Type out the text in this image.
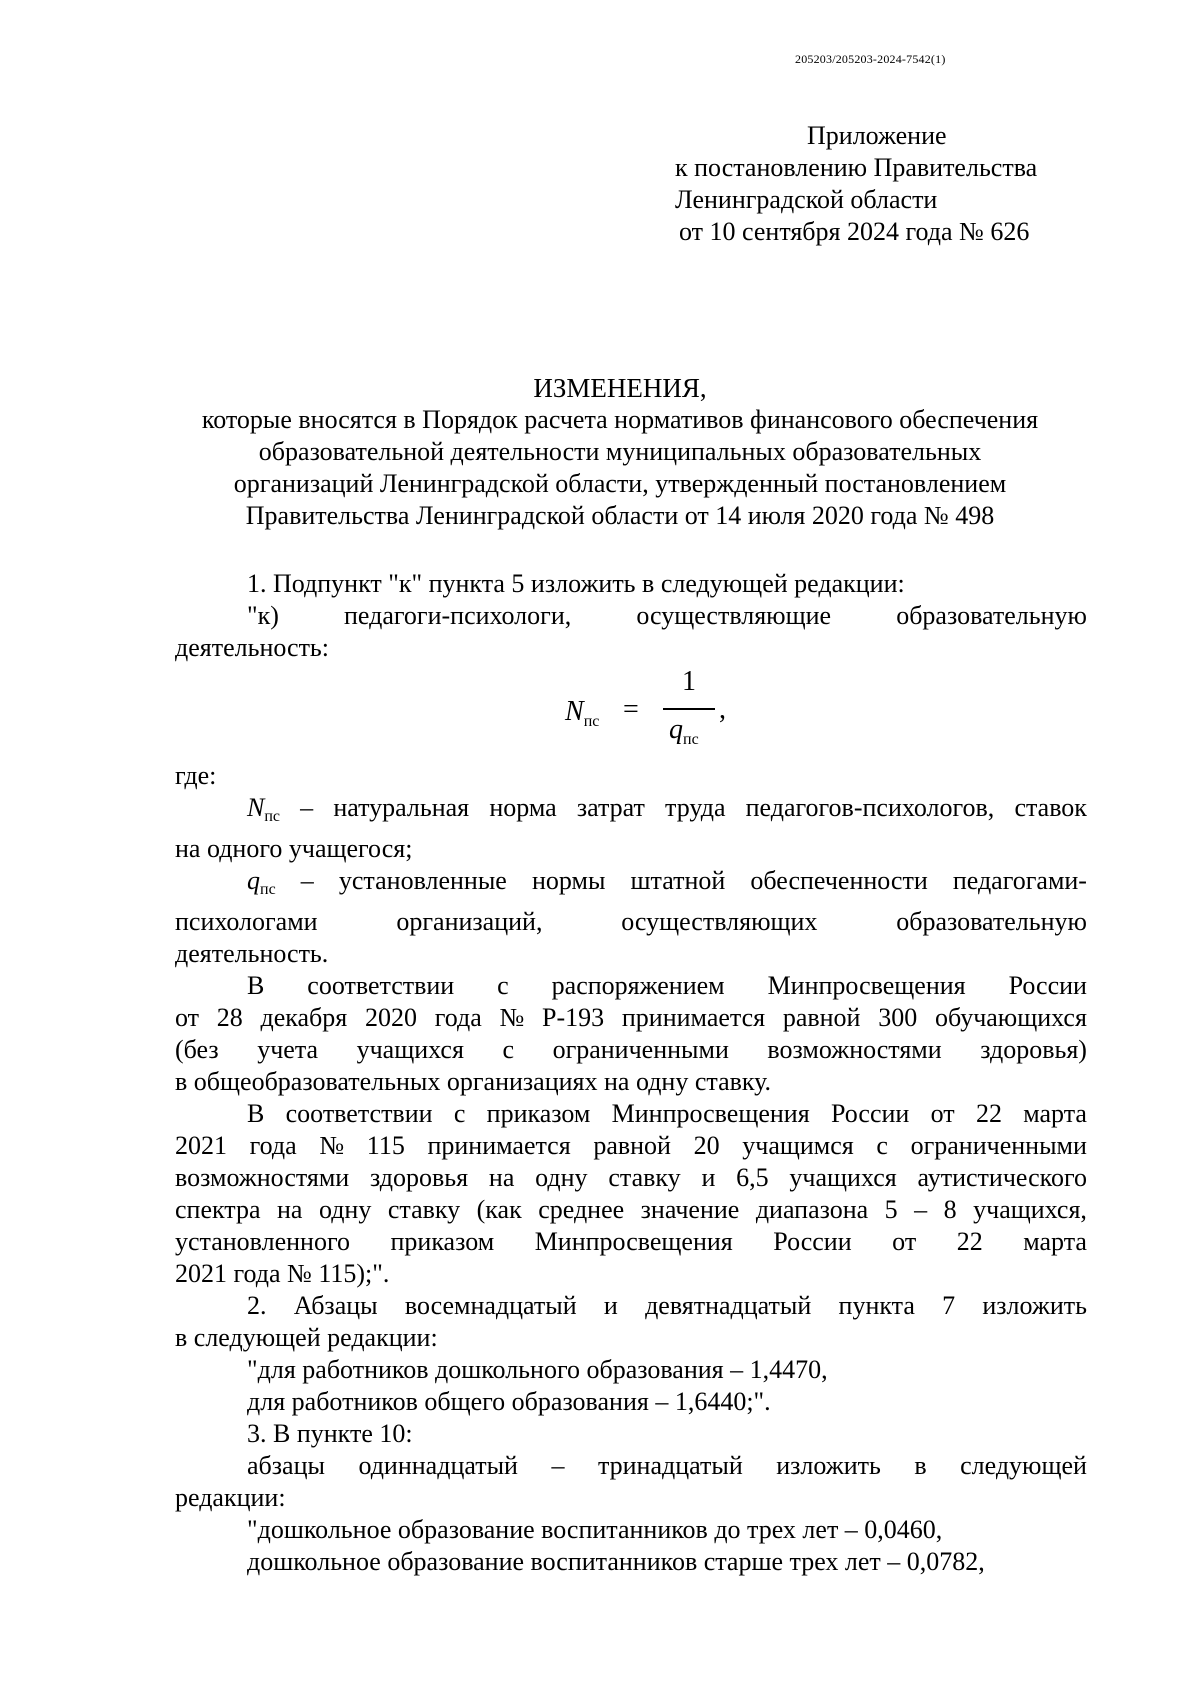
205203/205203-2024-7542(1)
Приложение
к постановлению Правительства
Ленинградской области
от 10 сентября 2024 года № 626
ИЗМЕНЕНИЯ,
которые вносятся в Порядок расчета нормативов финансового обеспечения
образовательной деятельности муниципальных образовательных
организаций Ленинградской области, утвержденный постановлением
Правительства Ленинградской области от 14 июля 2020 года № 498
1. Подпункт "к" пункта 5 изложить в следующей редакции:
"к)	педагоги-психологи,	осуществляющие	образовательную
деятельность:
$N_{пс}$ =
1
$q_{пс}$
,
где:
$N_{пс}$ – натуральная норма затрат труда педагогов-психологов, ставок
на одного учащегося;
$q_{пс}$ – установленные нормы штатной обеспеченности педагогами-
психологами	организаций,	осуществляющих	образовательную
деятельность.
В соответствии с распоряжением Минпросвещения России
от 28 декабря 2020 года № Р-193 принимается равной 300 обучающихся
(без учета учащихся с ограниченными возможностями здоровья)
в общеобразовательных организациях на одну ставку.
В соответствии с приказом Минпросвещения России от 22 марта
2021 года № 115 принимается равной 20 учащимся с ограниченными
возможностями здоровья на одну ставку и 6,5 учащихся аутистического
спектра на одну ставку (как среднее значение диапазона 5 – 8 учащихся,
установленного приказом Минпросвещения России от 22 марта
2021 года № 115);".
2. Абзацы восемнадцатый и девятнадцатый пункта 7 изложить
в следующей редакции:
"для работников дошкольного образования – 1,4470,
для работников общего образования – 1,6440;".
3. В пункте 10:
абзацы одиннадцатый – тринадцатый изложить в следующей
редакции:
"дошкольное образование воспитанников до трех лет – 0,0460,
дошкольное образование воспитанников старше трех лет – 0,0782,
